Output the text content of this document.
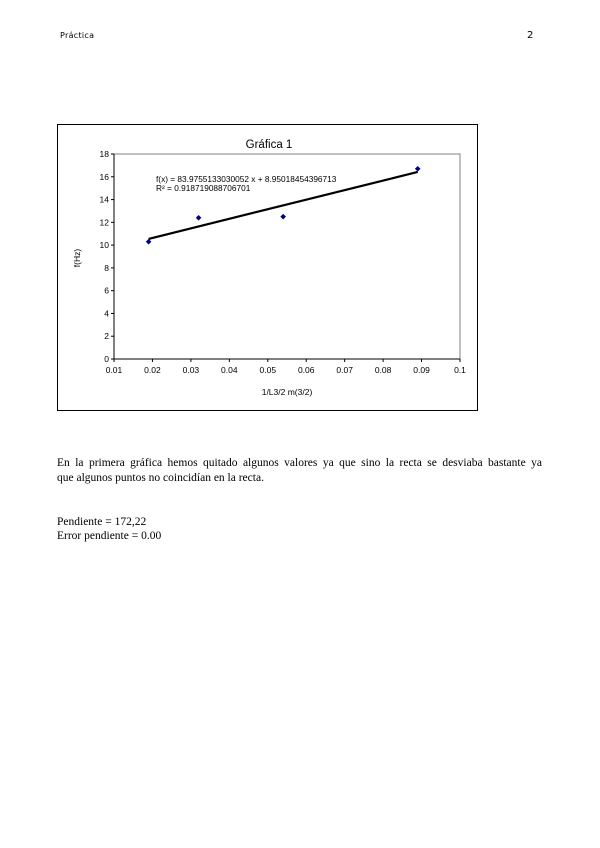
Práctica	2
Gráfica 1
0
2
4
6
8
10
12
14
16
18
0.01	0.02	0.03	0.04	0.05	0.06	0.07	0.08	0.09	0.1
f(x) = 83.9755133030052 x + 8.95018454396713
R² = 0.918719088706701
f(Hz)
1/L3/2 m(3/2)
En la primera gráfica hemos quitado algunos valores ya que sino la recta se desviaba bastante ya
que algunos puntos no coincidían en la recta.
Pendiente = 172,22
Error pendiente = 0.00
